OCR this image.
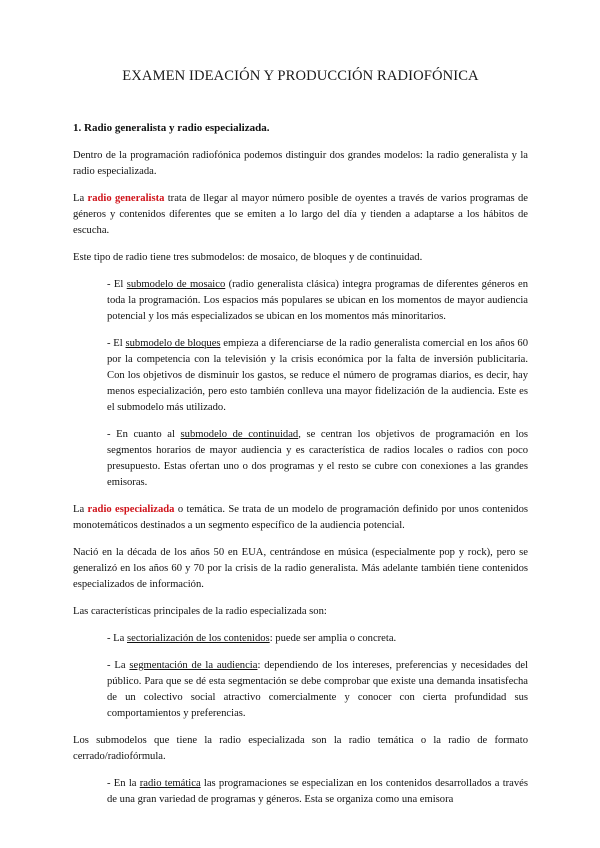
EXAMEN IDEACIÓN Y PRODUCCIÓN RADIOFÓNICA
1. Radio generalista y radio especializada.

Dentro de la programación radiofónica podemos distinguir dos grandes modelos: la radio generalista y la radio especializada.

La radio generalista trata de llegar al mayor número posible de oyentes a través de varios programas de géneros y contenidos diferentes que se emiten a lo largo del día y tienden a adaptarse a los hábitos de escucha.

Este tipo de radio tiene tres submodelos: de mosaico, de bloques y de continuidad.

- El submodelo de mosaico (radio generalista clásica) integra programas de diferentes géneros en toda la programación. Los espacios más populares se ubican en los momentos de mayor audiencia potencial y los más especializados se ubican en los momentos más minoritarios.

- El submodelo de bloques empieza a diferenciarse de la radio generalista comercial en los años 60 por la competencia con la televisión y la crisis económica por la falta de inversión publicitaria. Con los objetivos de disminuir los gastos, se reduce el número de programas diarios, es decir, hay menos especialización, pero esto también conlleva una mayor fidelización de la audiencia. Este es el submodelo más utilizado.

- En cuanto al submodelo de continuidad, se centran los objetivos de programación en los segmentos horarios de mayor audiencia y es característica de radios locales o radios con poco presupuesto. Estas ofertan uno o dos programas y el resto se cubre con conexiones a las grandes emisoras.

La radio especializada o temática. Se trata de un modelo de programación definido por unos contenidos monotemáticos destinados a un segmento específico de la audiencia potencial.

Nació en la década de los años 50 en EUA, centrándose en música (especialmente pop y rock), pero se generalizó en los años 60 y 70 por la crisis de la radio generalista. Más adelante también tiene contenidos especializados de información.

Las características principales de la radio especializada son:

- La sectorialización de los contenidos: puede ser amplia o concreta.

- La segmentación de la audiencia: dependiendo de los intereses, preferencias y necesidades del público. Para que se dé esta segmentación se debe comprobar que existe una demanda insatisfecha de un colectivo social atractivo comercialmente y conocer con cierta profundidad sus comportamientos y preferencias.

Los submodelos que tiene la radio especializada son la radio temática o la radio de formato cerrado/radiofórmula.

- En la radio temática las programaciones se especializan en los contenidos desarrollados a través de una gran variedad de programas y géneros. Esta se organiza como una emisora
